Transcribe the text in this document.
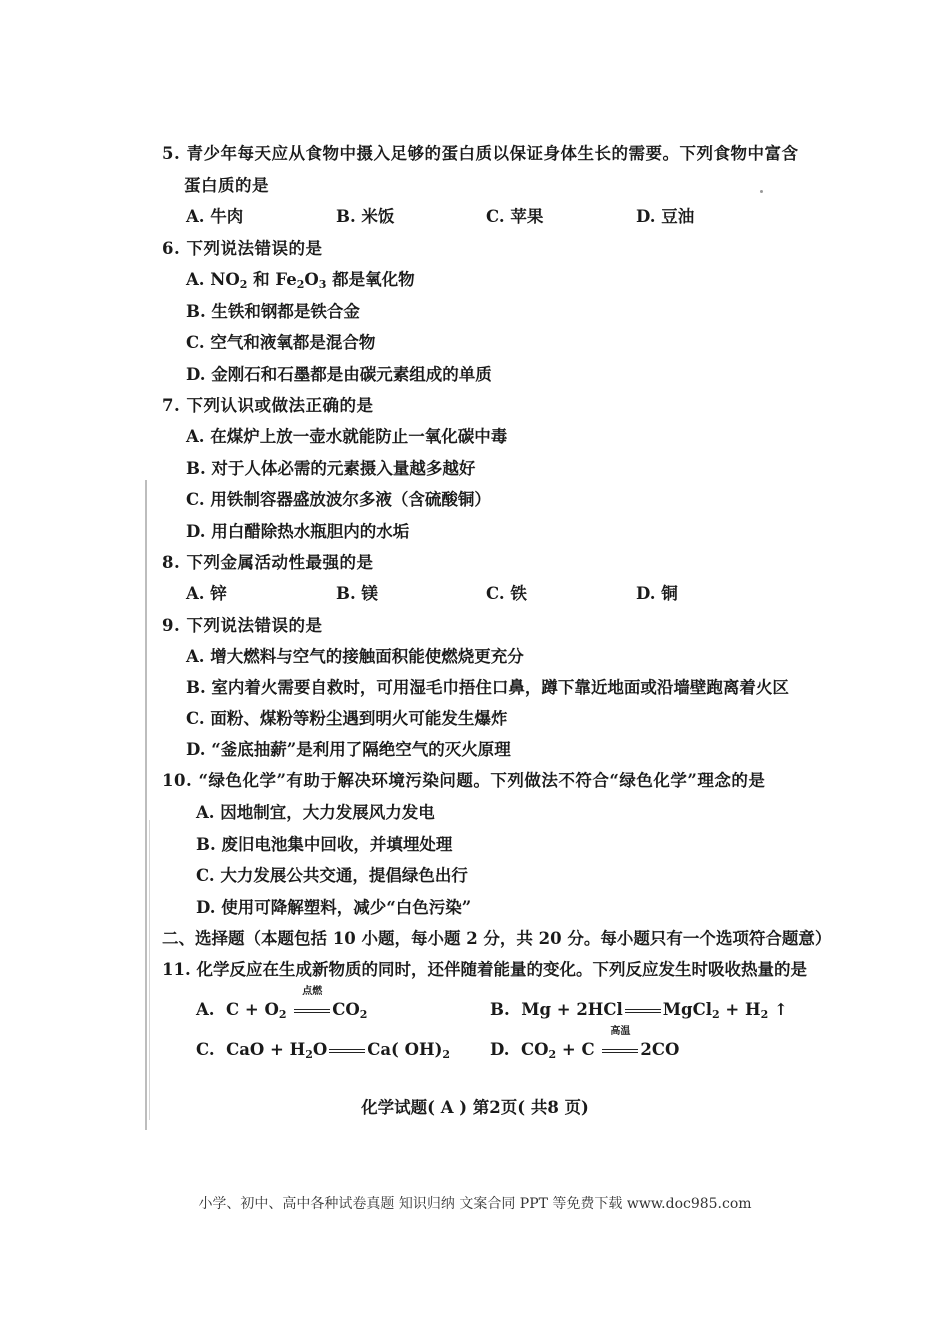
5. 青少年每天应从食物中摄入足够的蛋白质以保证身体生长的需要。下列食物中富含
蛋白质的是
A. 牛肉	B. 米饭	C. 苹果	D. 豆油
6. 下列说法错误的是
A. $NO_2$ 和 $Fe_2O_3$ 都是氧化物
B. 生铁和钢都是铁合金
C. 空气和液氧都是混合物
D. 金刚石和石墨都是由碳元素组成的单质
7. 下列认识或做法正确的是
A. 在煤炉上放一壶水就能防止一氧化碳中毒
B. 对于人体必需的元素摄入量越多越好
C. 用铁制容器盛放波尔多液（含硫酸铜）
D. 用白醋除热水瓶胆内的水垢
8. 下列金属活动性最强的是
A. 锌	B. 镁	C. 铁	D. 铜
9. 下列说法错误的是
A. 增大燃料与空气的接触面积能使燃烧更充分
B. 室内着火需要自救时，可用湿毛巾捂住口鼻，蹲下靠近地面或沿墙壁跑离着火区
C. 面粉、煤粉等粉尘遇到明火可能发生爆炸
D. “釜底抽薪”是利用了隔绝空气的灭火原理
10. “绿色化学”有助于解决环境污染问题。下列做法不符合“绿色化学”理念的是
A. 因地制宜，大力发展风力发电
B. 废旧电池集中回收，并填埋处理
C. 大力发展公共交通，提倡绿色出行
D. 使用可降解塑料，减少“白色污染”
二、选择题（本题包括 10 小题，每小题 2 分，共 20 分。每小题只有一个选项符合题意）
11. 化学反应在生成新物质的同时，还伴随着能量的变化。下列反应发生时吸收热量的是
A. $C + O_2$
点燃
$CO_2$	B. Mg + 2HCl MgCl$_2$ + $H_2$ ↑
C. CaO + $H_2O$ Ca( $OH)_2$ D. $CO_2 + C$
高温
2CO
化学试题( A ) 第2页( 共8 页)
小学、初中、高中各种试卷真题 知识归纳 文案合同 PPT 等免费下载 www.doc985.com
